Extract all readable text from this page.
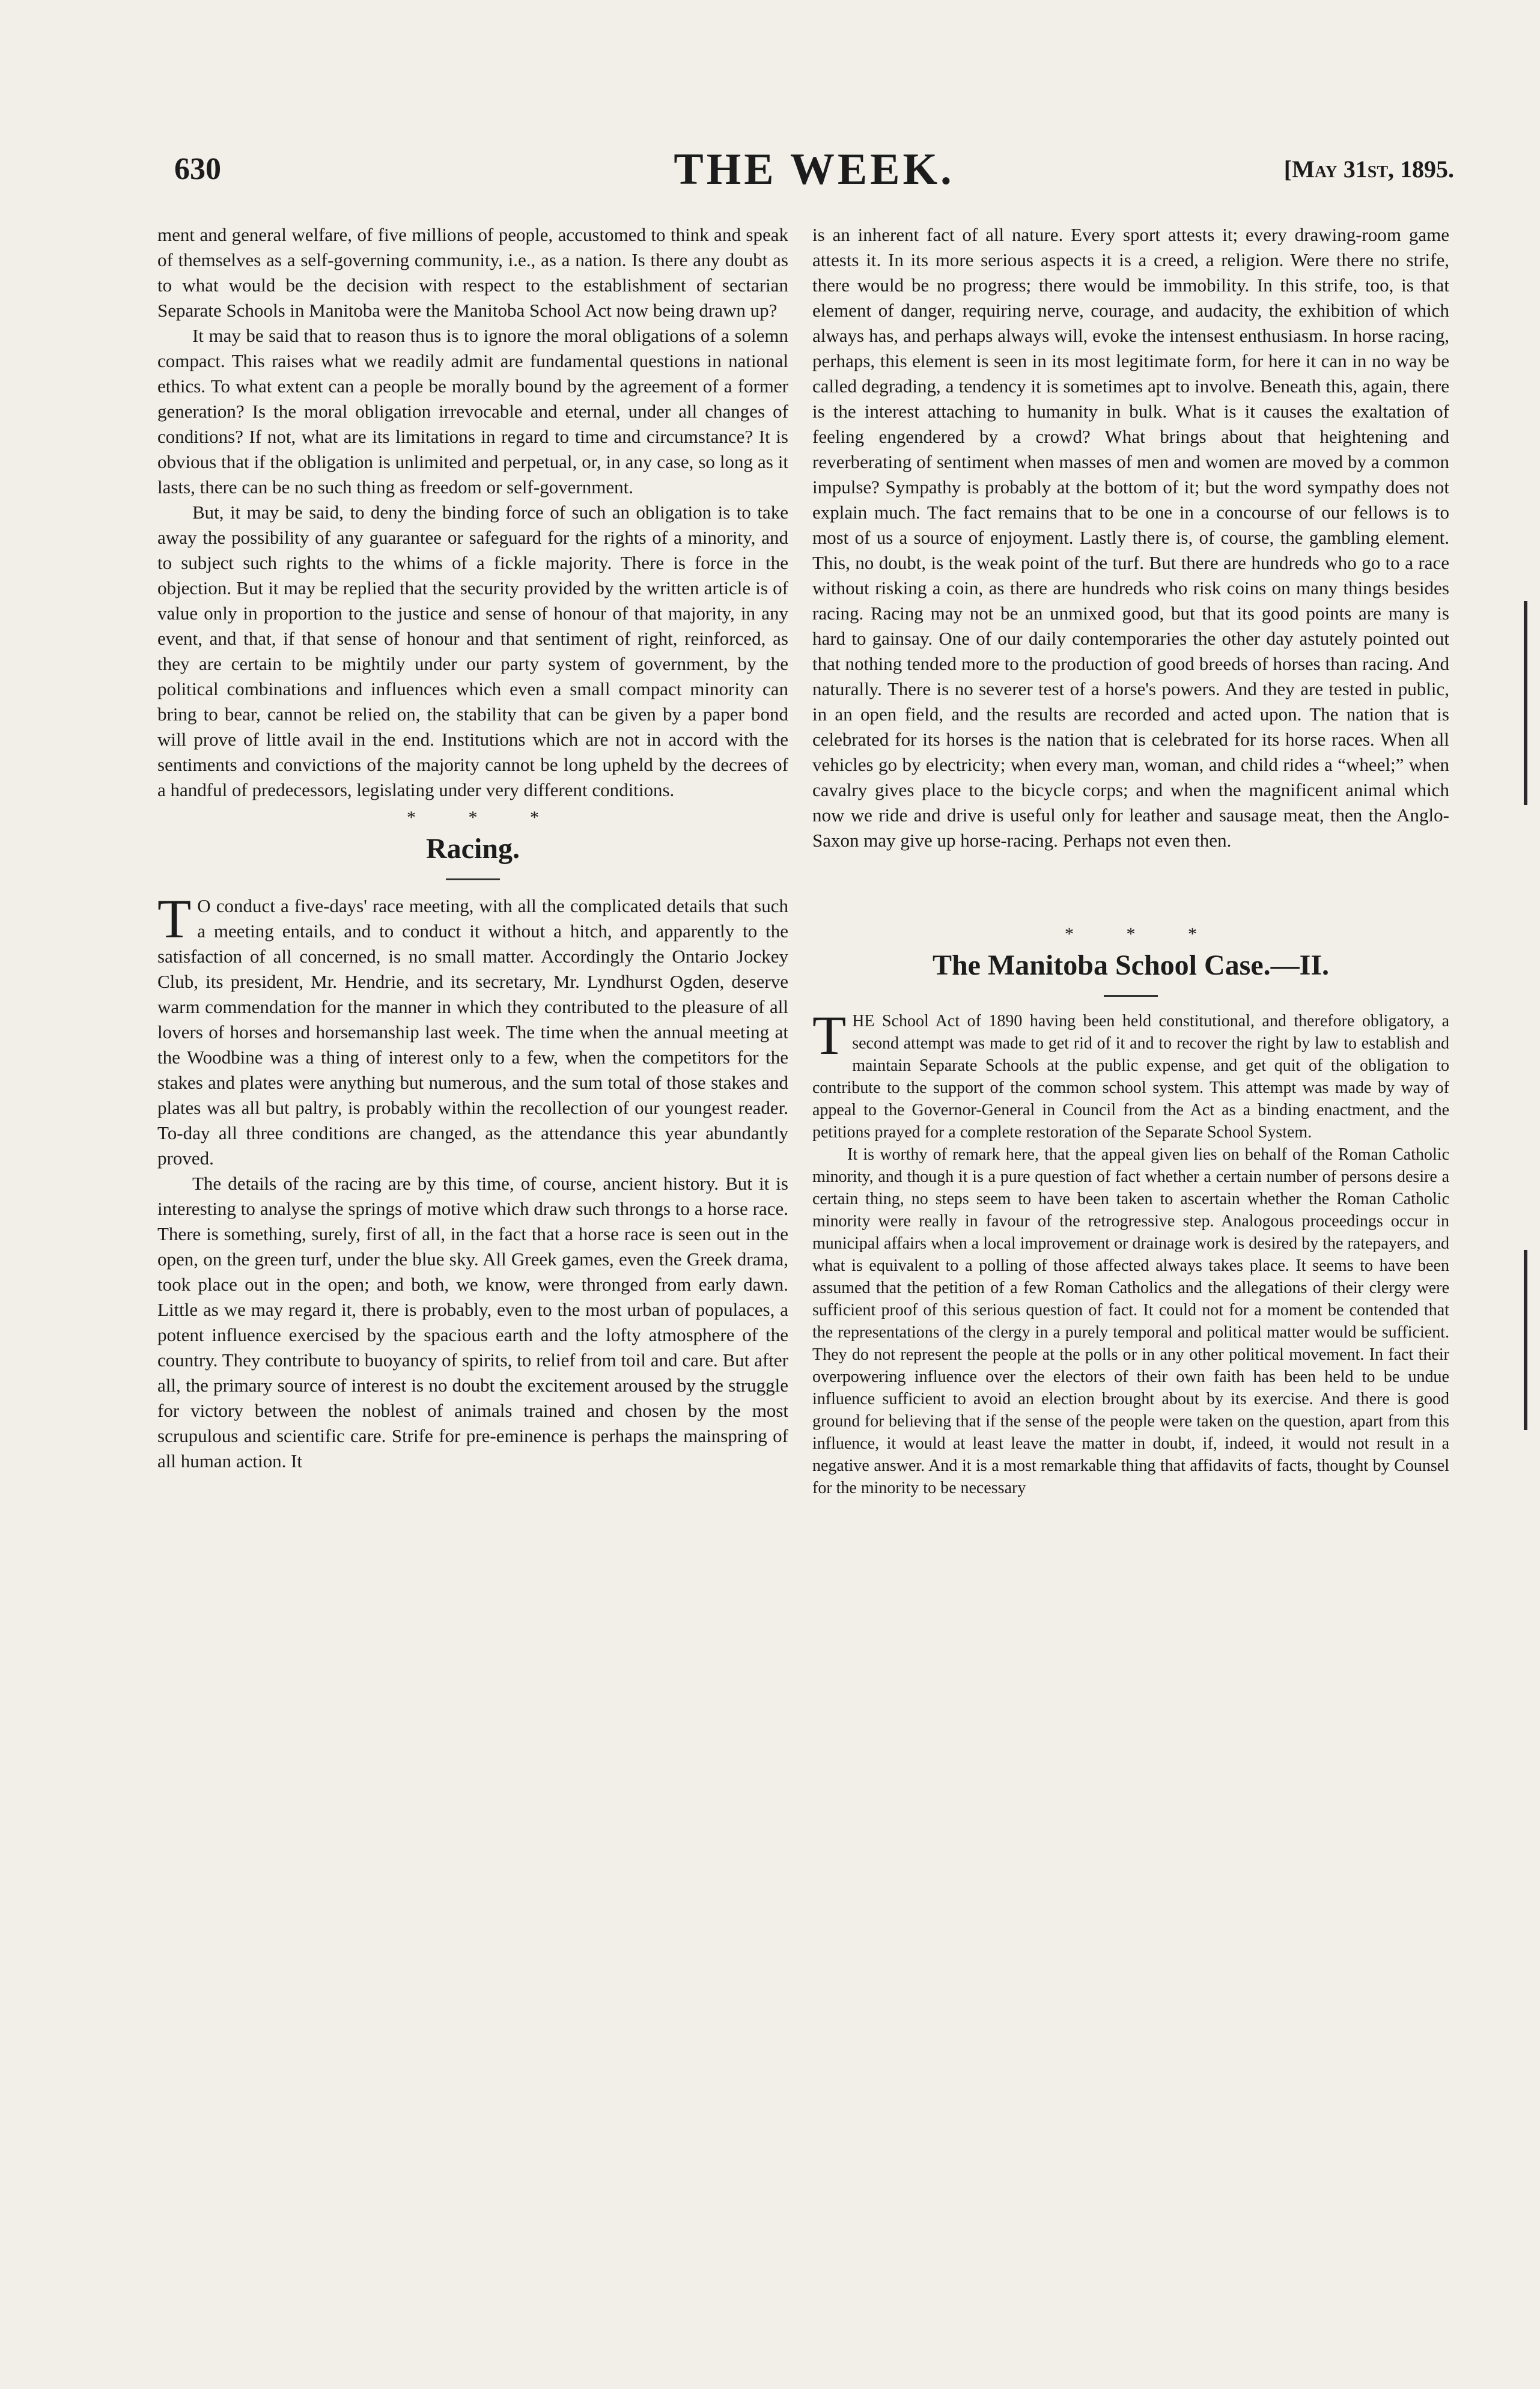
630	THE WEEK.	[May 31st, 1895.

ment and general welfare, of five millions of people, accustomed to think and speak of themselves as a self-governing community, i.e., as a nation. Is there any doubt as to what would be the decision with respect to the establishment of sectarian Separate Schools in Manitoba were the Manitoba School Act now being drawn up?

It may be said that to reason thus is to ignore the moral obligations of a solemn compact. This raises what we readily admit are fundamental questions in national ethics. To what extent can a people be morally bound by the agreement of a former generation? Is the moral obligation irrevocable and eternal, under all changes of conditions? If not, what are its limitations in regard to time and circumstance? It is obvious that if the obligation is unlimited and perpetual, or, in any case, so long as it lasts, there can be no such thing as freedom or self-government.

But, it may be said, to deny the binding force of such an obligation is to take away the possibility of any guarantee or safeguard for the rights of a minority, and to subject such rights to the whims of a fickle majority. There is force in the objection. But it may be replied that the security provided by the written article is of value only in proportion to the justice and sense of honour of that majority, in any event, and that, if that sense of honour and that sentiment of right, reinforced, as they are certain to be mightily under our party system of government, by the political combinations and influences which even a small compact minority can bring to bear, cannot be relied on, the stability that can be given by a paper bond will prove of little avail in the end. Institutions which are not in accord with the sentiments and convictions of the majority cannot be long upheld by the decrees of a handful of predecessors, legislating under very different conditions.

* * *
Racing.

T O conduct a five-days' race meeting, with all the complicated details that such a meeting entails, and to conduct it without a hitch, and apparently to the satisfaction of all concerned, is no small matter. Accordingly the Ontario Jockey Club, its president, Mr. Hendrie, and its secretary, Mr. Lyndhurst Ogden, deserve warm commendation for the manner in which they contributed to the pleasure of all lovers of horses and horsemanship last week. The time when the annual meeting at the Woodbine was a thing of interest only to a few, when the competitors for the stakes and plates were anything but numerous, and the sum total of those stakes and plates was all but paltry, is probably within the recollection of our youngest reader. To-day all three conditions are changed, as the attendance this year abundantly proved.

The details of the racing are by this time, of course, ancient history. But it is interesting to analyse the springs of motive which draw such throngs to a horse race. There is something, surely, first of all, in the fact that a horse race is seen out in the open, on the green turf, under the blue sky. All Greek games, even the Greek drama, took place out in the open; and both, we know, were thronged from early dawn. Little as we may regard it, there is probably, even to the most urban of populaces, a potent influence exercised by the spacious earth and the lofty atmosphere of the country. They contribute to buoyancy of spirits, to relief from toil and care. But after all, the primary source of interest is no doubt the excitement aroused by the struggle for victory between the noblest of animals trained and chosen by the most scrupulous and scientific care. Strife for pre-eminence is perhaps the mainspring of all human action. It

is an inherent fact of all nature. Every sport attests it; every drawing-room game attests it. In its more serious aspects it is a creed, a religion. Were there no strife, there would be no progress; there would be immobility. In this strife, too, is that element of danger, requiring nerve, courage, and audacity, the exhibition of which always has, and perhaps always will, evoke the intensest enthusiasm. In horse racing, perhaps, this element is seen in its most legitimate form, for here it can in no way be called degrading, a tendency it is sometimes apt to involve. Beneath this, again, there is the interest attaching to humanity in bulk. What is it causes the exaltation of feeling engendered by a crowd? What brings about that heightening and reverberating of sentiment when masses of men and women are moved by a common impulse? Sympathy is probably at the bottom of it; but the word sympathy does not explain much. The fact remains that to be one in a concourse of our fellows is to most of us a source of enjoyment. Lastly there is, of course, the gambling element. This, no doubt, is the weak point of the turf. But there are hundreds who go to a race without risking a coin, as there are hundreds who risk coins on many things besides racing. Racing may not be an unmixed good, but that its good points are many is hard to gainsay. One of our daily contemporaries the other day astutely pointed out that nothing tended more to the production of good breeds of horses than racing. And naturally. There is no severer test of a horse's powers. And they are tested in public, in an open field, and the results are recorded and acted upon. The nation that is celebrated for its horses is the nation that is celebrated for its horse races. When all vehicles go by electricity; when every man, woman, and child rides a “wheel;” when cavalry gives place to the bicycle corps; and when the magnificent animal which now we ride and drive is useful only for leather and sausage meat, then the Anglo-Saxon may give up horse-racing. Perhaps not even then.

* * *
The Manitoba School Case.—II.

THE School Act of 1890 having been held constitutional, and therefore obligatory, a second attempt was made to get rid of it and to recover the right by law to establish and maintain Separate Schools at the public expense, and get quit of the obligation to contribute to the support of the common school system. This attempt was made by way of appeal to the Governor-General in Council from the Act as a binding enactment, and the petitions prayed for a complete restoration of the Separate School System.

It is worthy of remark here, that the appeal given lies on behalf of the Roman Catholic minority, and though it is a pure question of fact whether a certain number of persons desire a certain thing, no steps seem to have been taken to ascertain whether the Roman Catholic minority were really in favour of the retrogressive step. Analogous proceedings occur in municipal affairs when a local improvement or drainage work is desired by the ratepayers, and what is equivalent to a polling of those affected always takes place. It seems to have been assumed that the petition of a few Roman Catholics and the allegations of their clergy were sufficient proof of this serious question of fact. It could not for a moment be contended that the representations of the clergy in a purely temporal and political matter would be sufficient. They do not represent the people at the polls or in any other political movement. In fact their overpowering influence over the electors of their own faith has been held to be undue influence sufficient to avoid an election brought about by its exercise. And there is good ground for believing that if the sense of the people were taken on the question, apart from this influence, it would at least leave the matter in doubt, if, indeed, it would not result in a negative answer. And it is a most remarkable thing that affidavits of facts, thought by Counsel for the minority to be necessary
